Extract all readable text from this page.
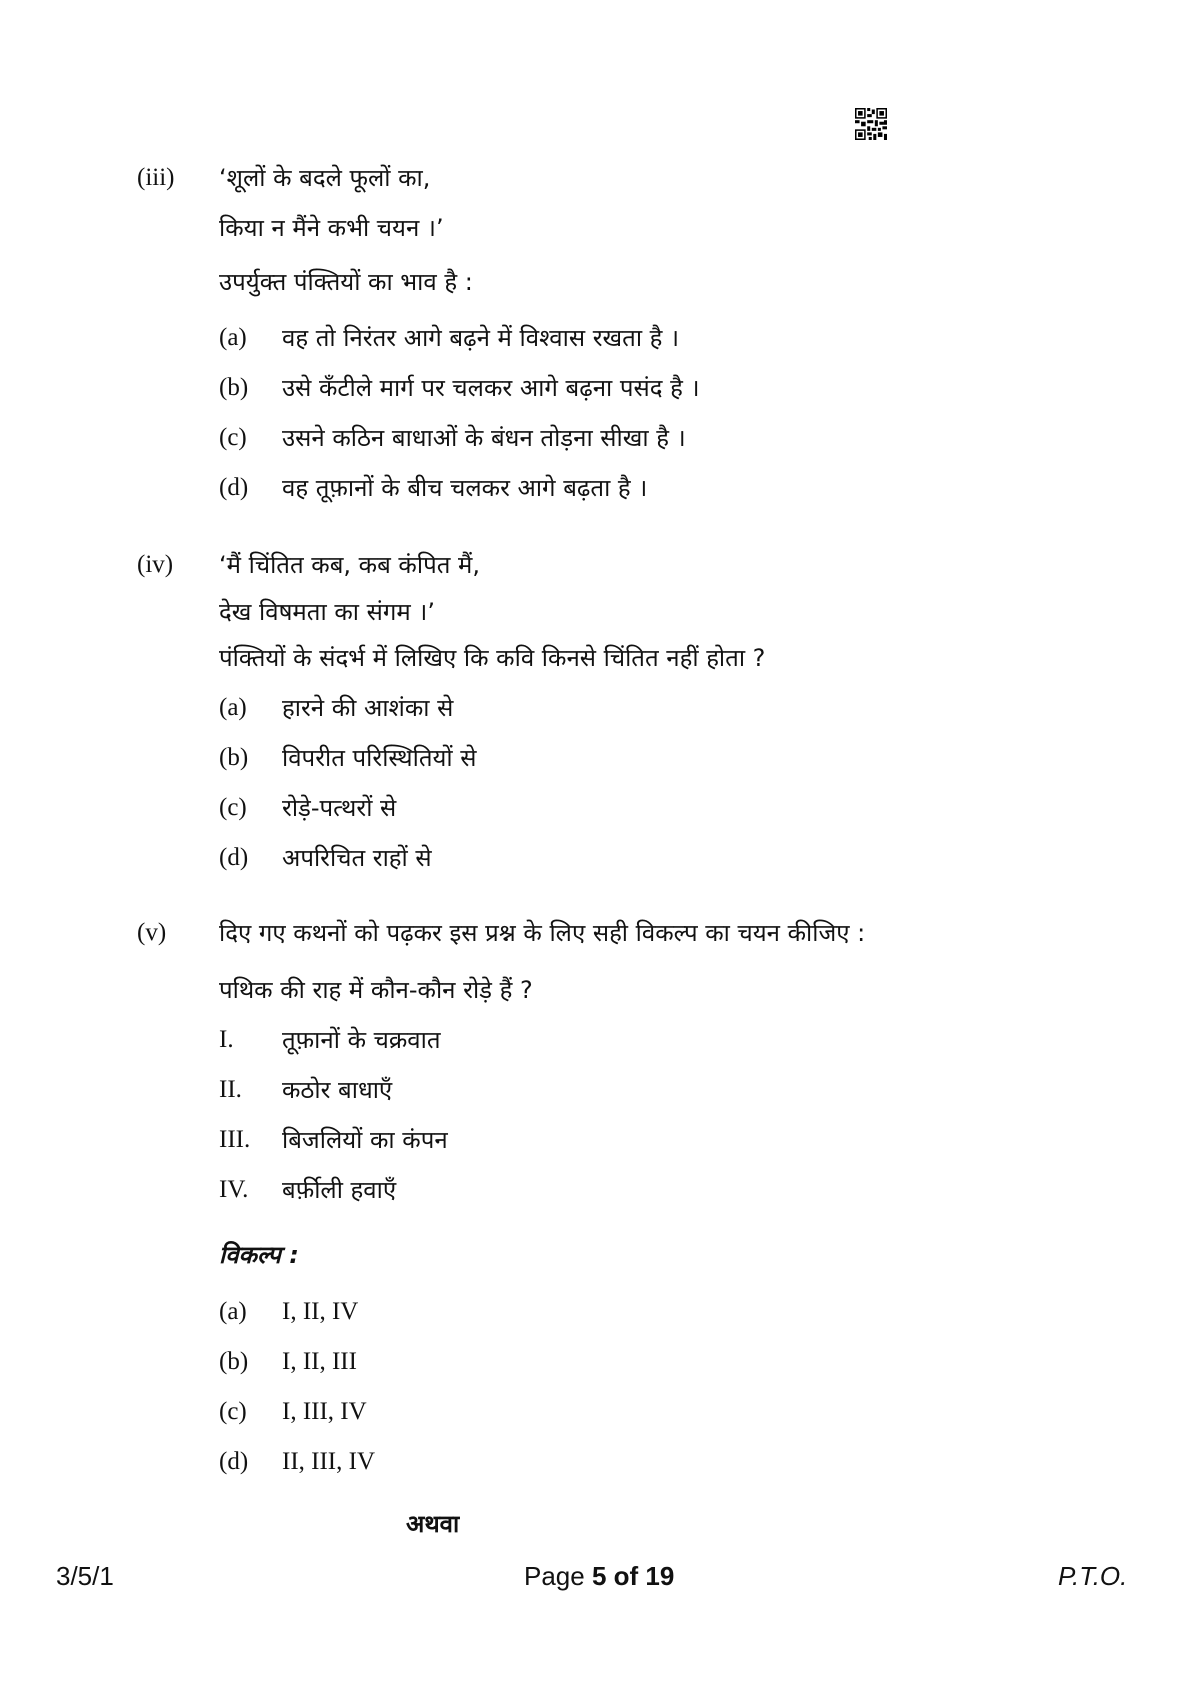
(iii) ‘शूलों के बदले फूलों का,
किया न मैंने कभी चयन ।’
उपर्युक्त पंक्तियों का भाव है :
(a) वह तो निरंतर आगे बढ़ने में विश्वास रखता है ।
(b) उसे कँटीले मार्ग पर चलकर आगे बढ़ना पसंद है ।
(c) उसने कठिन बाधाओं के बंधन तोड़ना सीखा है ।
(d) वह तूफ़ानों के बीच चलकर आगे बढ़ता है ।
(iv) ‘मैं चिंतित कब, कब कंपित मैं,
देख विषमता का संगम ।’
पंक्तियों के संदर्भ में लिखिए कि कवि किनसे चिंतित नहीं होता ?
(a) हारने की आशंका से
(b) विपरीत परिस्थितियों से
(c) रोड़े-पत्थरों से
(d) अपरिचित राहों से
(v) दिए गए कथनों को पढ़कर इस प्रश्न के लिए सही विकल्प का चयन कीजिए :
पथिक की राह में कौन-कौन रोड़े हैं ?
I. तूफ़ानों के चक्रवात
II. कठोर बाधाएँ
III. बिजलियों का कंपन
IV. बर्फ़ीली हवाएँ
विकल्प :
(a) I, II, IV
(b) I, II, III
(c) I, III, IV
(d) II, III, IV
अथवा
3/5/1	Page 5 of 19	P.T.O.
